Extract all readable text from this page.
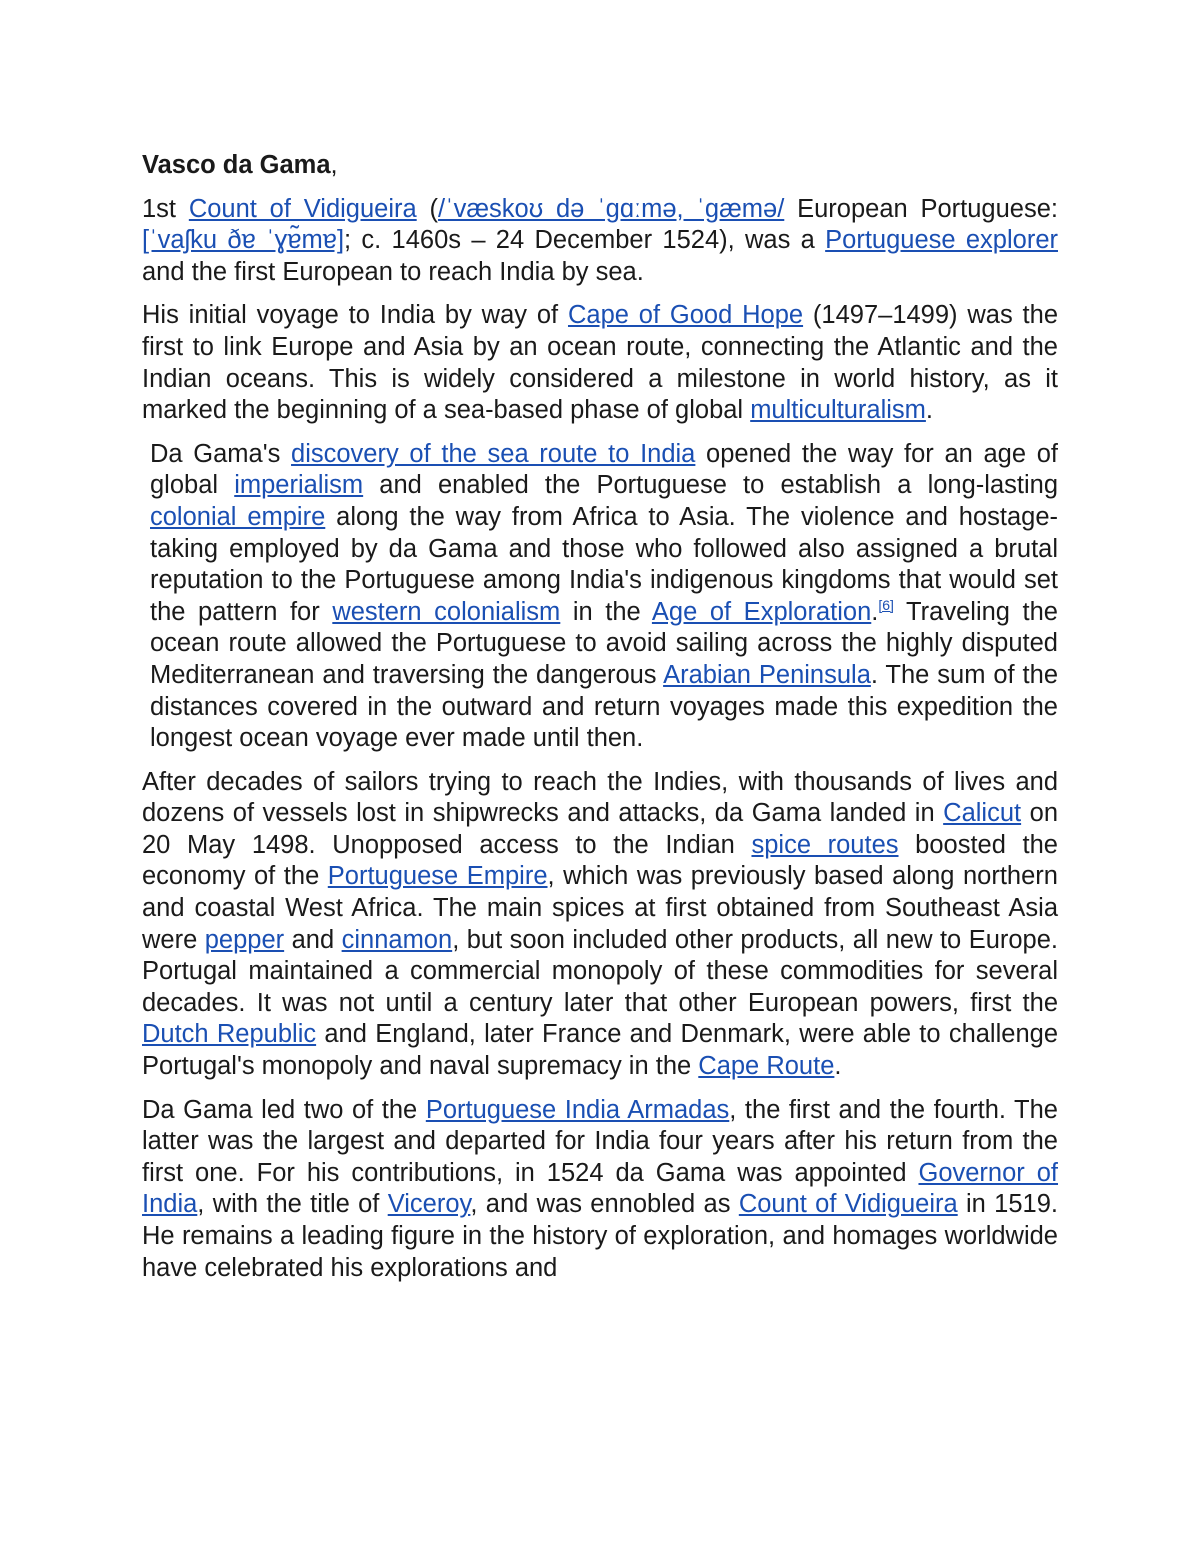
Vasco da Gama,

1st Count of Vidigueira (/ˈvæskoʊ də ˈɡɑːmə, ˈɡæmə/ European Portuguese: [ˈvaʃku ðɐ ˈɣɐ̃mɐ]; c. 1460s – 24 December 1524), was a Portuguese explorer and the first European to reach India by sea.

His initial voyage to India by way of Cape of Good Hope (1497–1499) was the first to link Europe and Asia by an ocean route, connecting the Atlantic and the Indian oceans. This is widely considered a milestone in world history, as it marked the beginning of a sea-based phase of global multiculturalism.

Da Gama's discovery of the sea route to India opened the way for an age of global imperialism and enabled the Portuguese to establish a long-lasting colonial empire along the way from Africa to Asia. The violence and hostage-taking employed by da Gama and those who followed also assigned a brutal reputation to the Portuguese among India's indigenous kingdoms that would set the pattern for western colonialism in the Age of Exploration.[6] Traveling the ocean route allowed the Portuguese to avoid sailing across the highly disputed Mediterranean and traversing the dangerous Arabian Peninsula. The sum of the distances covered in the outward and return voyages made this expedition the longest ocean voyage ever made until then.

After decades of sailors trying to reach the Indies, with thousands of lives and dozens of vessels lost in shipwrecks and attacks, da Gama landed in Calicut on 20 May 1498. Unopposed access to the Indian spice routes boosted the economy of the Portuguese Empire, which was previously based along northern and coastal West Africa. The main spices at first obtained from Southeast Asia were pepper and cinnamon, but soon included other products, all new to Europe. Portugal maintained a commercial monopoly of these commodities for several decades. It was not until a century later that other European powers, first the Dutch Republic and England, later France and Denmark, were able to challenge Portugal's monopoly and naval supremacy in the Cape Route.

Da Gama led two of the Portuguese India Armadas, the first and the fourth. The latter was the largest and departed for India four years after his return from the first one. For his contributions, in 1524 da Gama was appointed Governor of India, with the title of Viceroy, and was ennobled as Count of Vidigueira in 1519. He remains a leading figure in the history of exploration, and homages worldwide have celebrated his explorations and
